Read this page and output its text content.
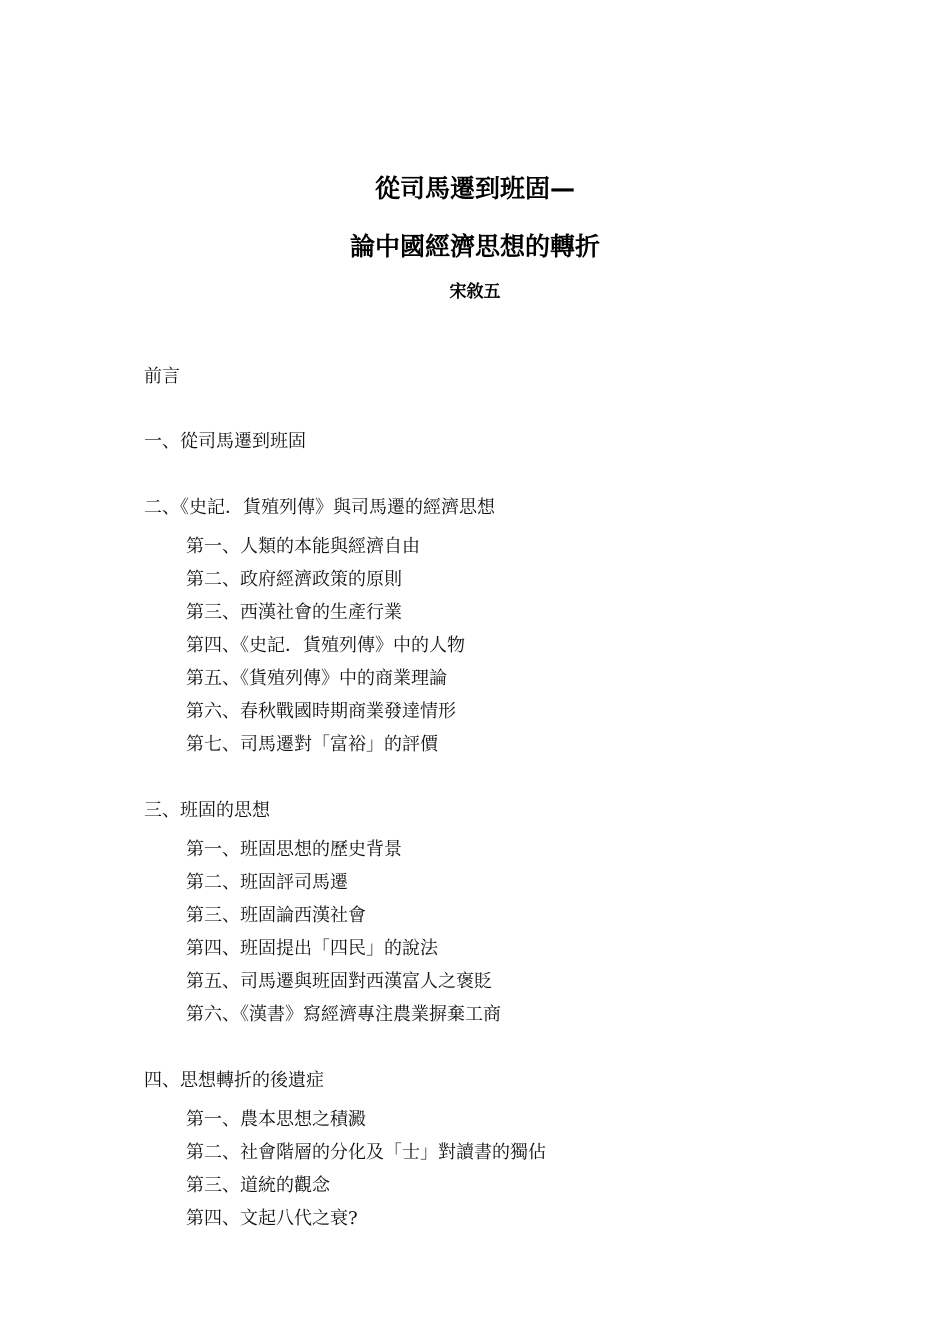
從司馬遷到班固—
論中國經濟思想的轉折
宋敘五
前言
一、從司馬遷到班固
二、《史記．貨殖列傳》與司馬遷的經濟思想
第一、人類的本能與經濟自由
第二、政府經濟政策的原則
第三、西漢社會的生產行業
第四、《史記．貨殖列傳》中的人物
第五、《貨殖列傳》中的商業理論
第六、春秋戰國時期商業發達情形
第七、司馬遷對「富裕」的評價
三、班固的思想
第一、班固思想的歷史背景
第二、班固評司馬遷
第三、班固論西漢社會
第四、班固提出「四民」的說法
第五、司馬遷與班固對西漢富人之褒貶
第六、《漢書》寫經濟專注農業摒棄工商
四、思想轉折的後遺症
第一、農本思想之積澱
第二、社會階層的分化及「士」對讀書的獨佔
第三、道統的觀念
第四、文起八代之衰?
